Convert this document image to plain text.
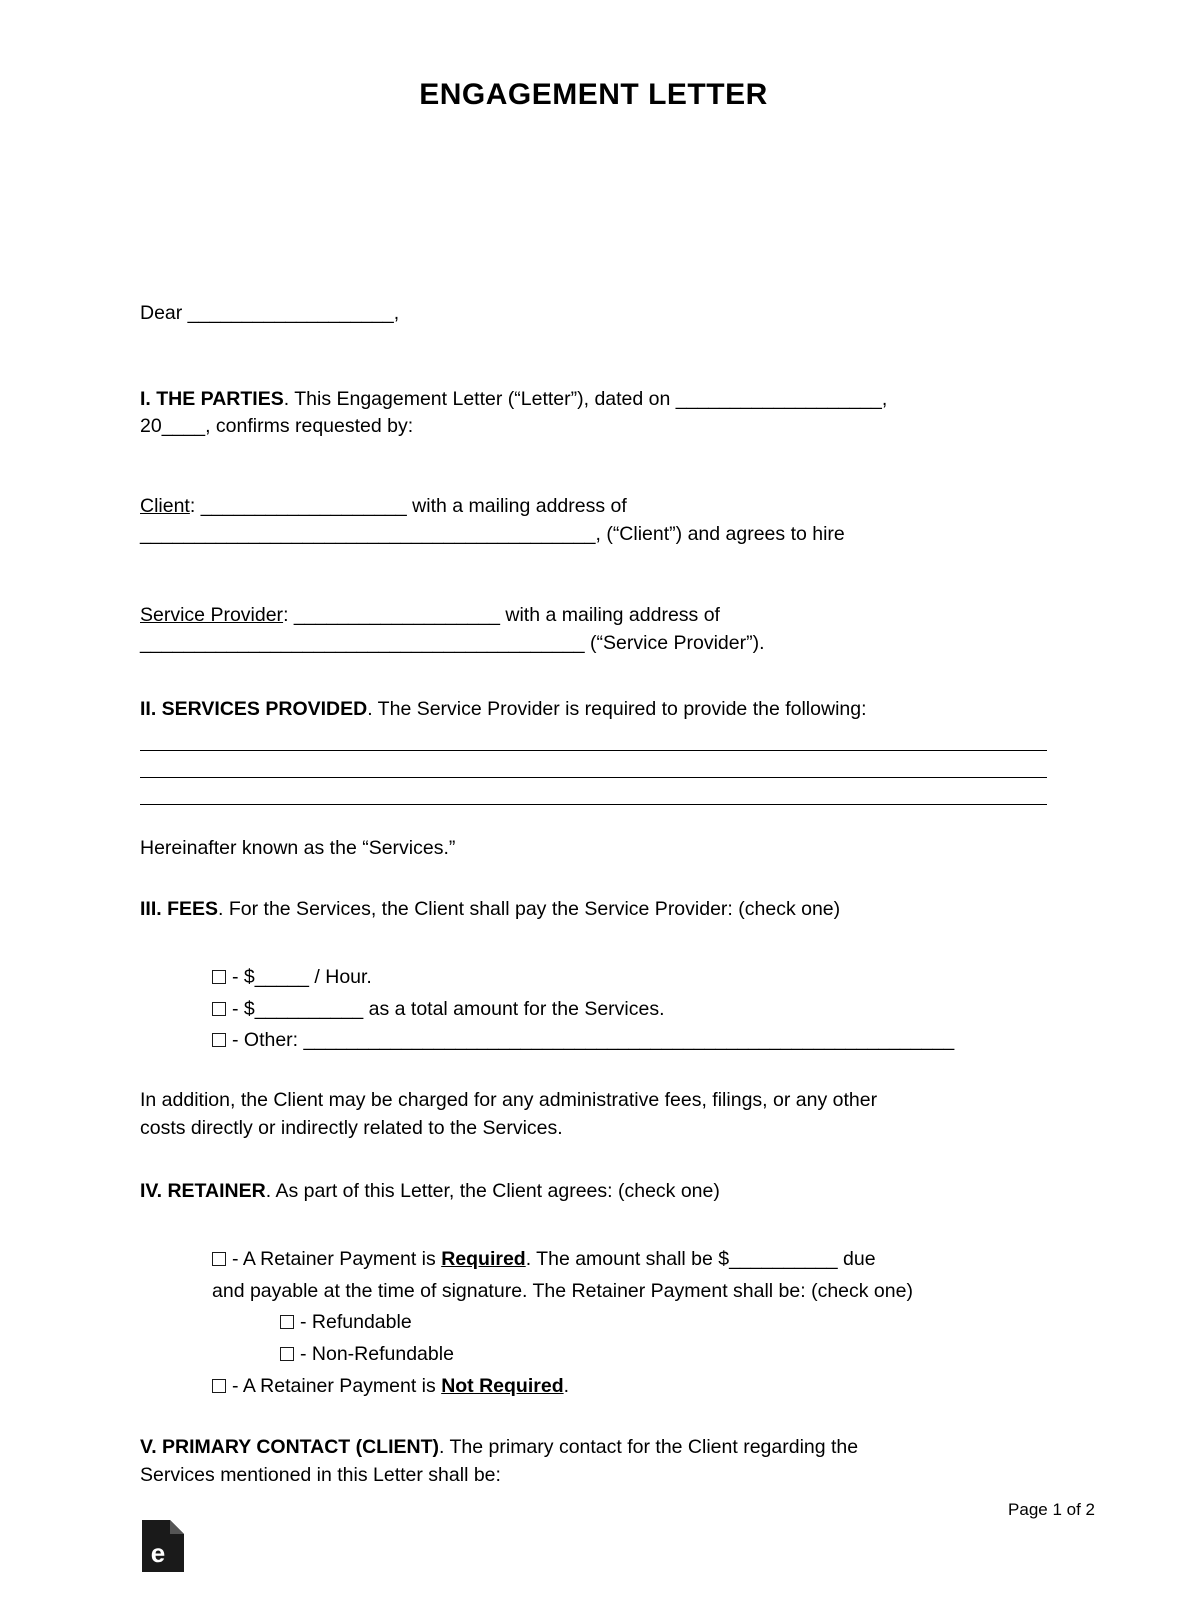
ENGAGEMENT LETTER

Dear ___________________,

I. THE PARTIES. This Engagement Letter (“Letter”), dated on ___________________,
20____, confirms requested by:

Client: ___________________ with a mailing address of
__________________________________________, (“Client”) and agrees to hire

Service Provider: ___________________ with a mailing address of
_________________________________________ (“Service Provider”).

II. SERVICES PROVIDED. The Service Provider is required to provide the following:

Hereinafter known as the “Services.”

III. FEES. For the Services, the Client shall pay the Service Provider: (check one)

- $_____ / Hour.

- $__________ as a total amount for the Services.

- Other: ____________________________________________________________

In addition, the Client may be charged for any administrative fees, filings, or any other
costs directly or indirectly related to the Services.

IV. RETAINER. As part of this Letter, the Client agrees: (check one)

- A Retainer Payment is Required. The amount shall be $__________ due

and payable at the time of signature. The Retainer Payment shall be: (check one)

- Refundable

- Non-Refundable

- A Retainer Payment is Not Required.

V. PRIMARY CONTACT (CLIENT). The primary contact for the Client regarding the
Services mentioned in this Letter shall be:

Page 1 of 2
e
